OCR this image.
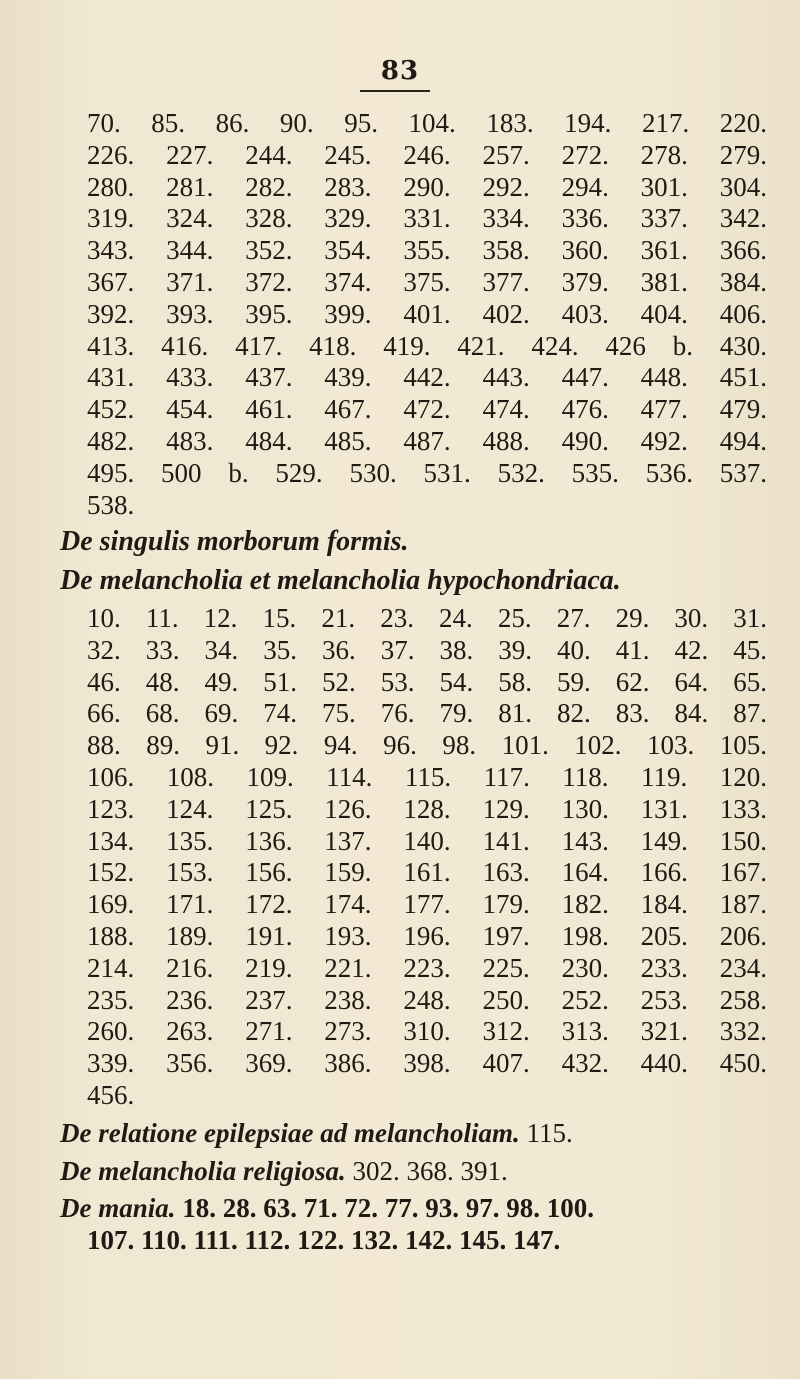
83
70. 85. 86. 90. 95. 104. 183. 194. 217. 220.
226. 227. 244. 245. 246. 257. 272. 278. 279.
280. 281. 282. 283. 290. 292. 294. 301. 304.
319. 324. 328. 329. 331. 334. 336. 337. 342.
343. 344. 352. 354. 355. 358. 360. 361. 366.
367. 371. 372. 374. 375. 377. 379. 381. 384.
392. 393. 395. 399. 401. 402. 403. 404. 406.
413. 416. 417. 418. 419. 421. 424. 426 b. 430.
431. 433. 437. 439. 442. 443. 447. 448. 451.
452. 454. 461. 467. 472. 474. 476. 477. 479.
482. 483. 484. 485. 487. 488. 490. 492. 494.
495. 500 b. 529. 530. 531. 532. 535. 536. 537.
538.
De singulis morborum formis.
De melancholia et melancholia hypochondriaca.
10. 11. 12. 15. 21. 23. 24. 25. 27. 29. 30. 31.
32. 33. 34. 35. 36. 37. 38. 39. 40. 41. 42. 45.
46. 48. 49. 51. 52. 53. 54. 58. 59. 62. 64. 65.
66. 68. 69. 74. 75. 76. 79. 81. 82. 83. 84. 87.
88. 89. 91. 92. 94. 96. 98. 101. 102. 103. 105.
106. 108. 109. 114. 115. 117. 118. 119. 120.
123. 124. 125. 126. 128. 129. 130. 131. 133.
134. 135. 136. 137. 140. 141. 143. 149. 150.
152. 153. 156. 159. 161. 163. 164. 166. 167.
169. 171. 172. 174. 177. 179. 182. 184. 187.
188. 189. 191. 193. 196. 197. 198. 205. 206.
214. 216. 219. 221. 223. 225. 230. 233. 234.
235. 236. 237. 238. 248. 250. 252. 253. 258.
260. 263. 271. 273. 310. 312. 313. 321. 332.
339. 356. 369. 386. 398. 407. 432. 440. 450.
456.
De relatione epilepsiae ad melancholiam. 115.
De melancholia religiosa. 302. 368. 391.
De mania. 18. 28. 63. 71. 72. 77. 93. 97. 98. 100.
107. 110. 111. 112. 122. 132. 142. 145. 147.
